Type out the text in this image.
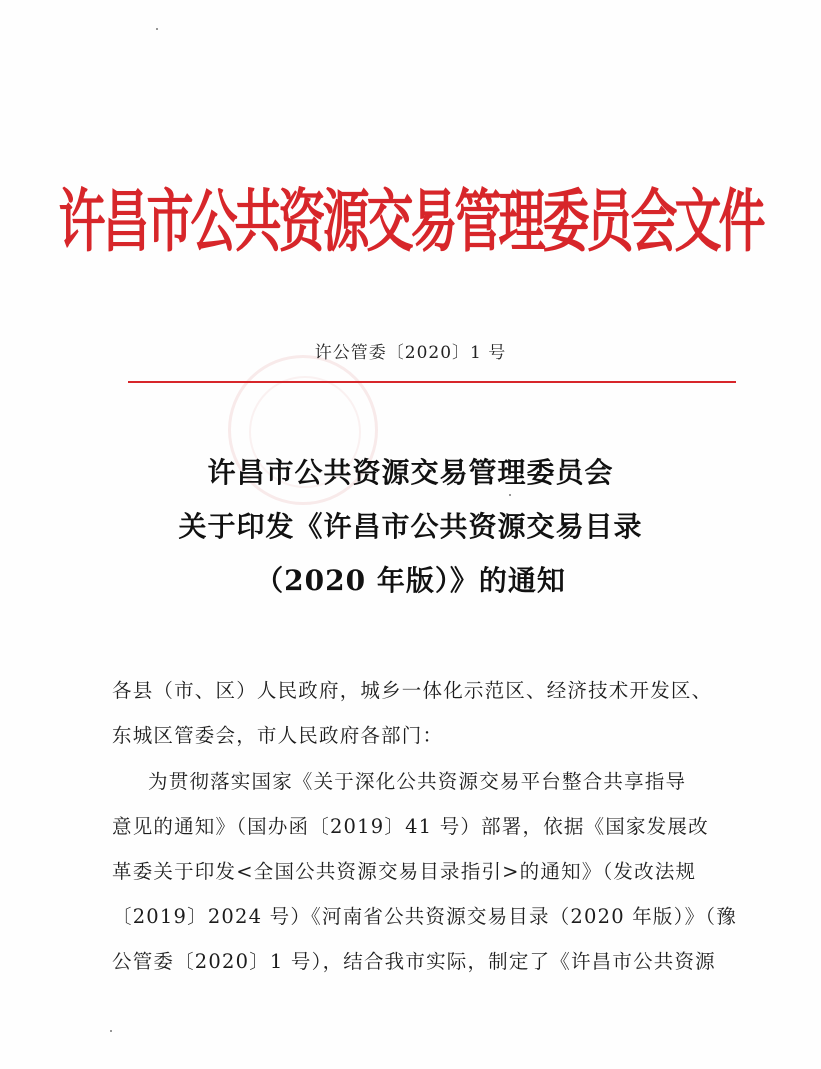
许昌市公共资源交易管理委员会文件
许公管委〔2020〕1 号
许昌市公共资源交易管理委员会
关于印发《许昌市公共资源交易目录
（2020 年版）》的通知
各县（市、区）人民政府，城乡一体化示范区、经济技术开发区、
东城区管委会，市人民政府各部门：
为贯彻落实国家《关于深化公共资源交易平台整合共享指导
意见的通知》（国办函〔2019〕41 号）部署，依据《国家发展改
革委关于印发<全国公共资源交易目录指引>的通知》（发改法规
〔2019〕2024 号）《河南省公共资源交易目录（2020 年版）》（豫
公管委〔2020〕1 号），结合我市实际，制定了《许昌市公共资源
